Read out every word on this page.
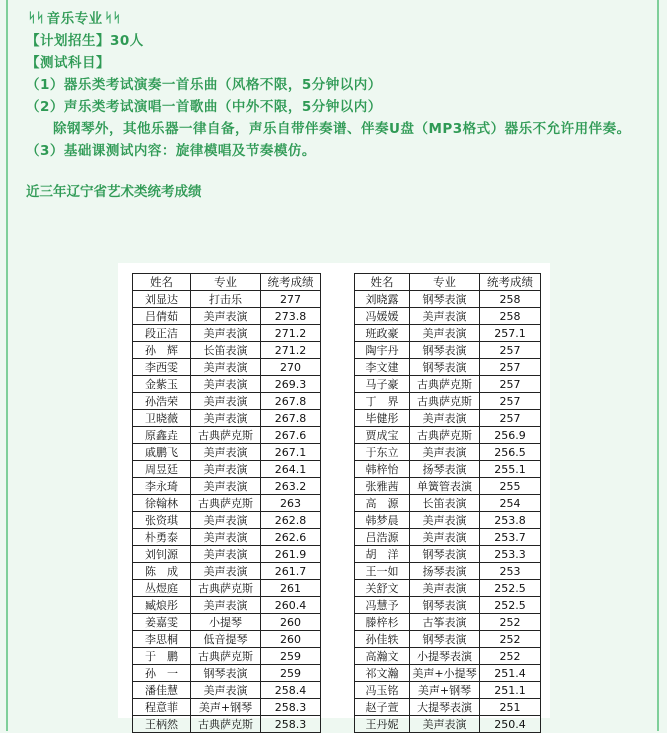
ᛋᛋ 音乐专业 ᛋᛋ
【计划招生】30人
【测试科目】
（1）器乐类考试演奏一首乐曲（风格不限，5分钟以内）
（2）声乐类考试演唱一首歌曲（中外不限，5分钟以内）
除钢琴外，其他乐器一律自备，声乐自带伴奏谱、伴奏U盘（MP3格式）器乐不允许用伴奏。
（3）基础课测试内容：旋律模唱及节奏模仿。
近三年辽宁省艺术类统考成绩
姓名	专业	统考成绩
刘显达	打击乐	277
吕倩茹	美声表演	273.8
段正洁	美声表演	271.2
孙　辉	长笛表演	271.2
李西雯	美声表演	270
金紫玉	美声表演	269.3
孙浩荣	美声表演	267.8
卫晓薇	美声表演	267.8
原鑫垚	古典萨克斯	267.6
戚鹏飞	美声表演	267.1
周昱廷	美声表演	264.1
李永琦	美声表演	263.2
徐翰林	古典萨克斯	263
张资琪	美声表演	262.8
朴勇泰	美声表演	262.6
刘钊源	美声表演	261.9
陈　成	美声表演	261.7
丛煜庭	古典萨克斯	261
臧烺彤	美声表演	260.4
姜嘉雯	小提琴	260
李思桐	低音提琴	260
于　鹏	古典萨克斯	259
孙　一	钢琴表演	259
潘佳慧	美声表演	258.4
程意菲	美声+钢琴	258.3
王柄然	古典萨克斯	258.3
姓名	专业	统考成绩
刘晓露	钢琴表演	258
冯媛媛	美声表演	258
班政豪	美声表演	257.1
陶宇丹	钢琴表演	257
李文建	钢琴表演	257
马子豪	古典萨克斯	257
丁　界	古典萨克斯	257
毕健彤	美声表演	257
贾成宝	古典萨克斯	256.9
于东立	美声表演	256.5
韩梓怡	扬琴表演	255.1
张雅茜	单簧管表演	255
高　源	长笛表演	254
韩梦晨	美声表演	253.8
吕浩源	美声表演	253.7
胡　洋	钢琴表演	253.3
王一如	扬琴表演	253
关舒文	美声表演	252.5
冯慧予	钢琴表演	252.5
滕梓杉	古筝表演	252
孙佳轶	钢琴表演	252
高瀚文	小提琴表演	252
祁文瀚	美声+小提琴	251.4
冯玉铭	美声+钢琴	251.1
赵子萱	大提琴表演	251
王丹妮	美声表演	250.4
